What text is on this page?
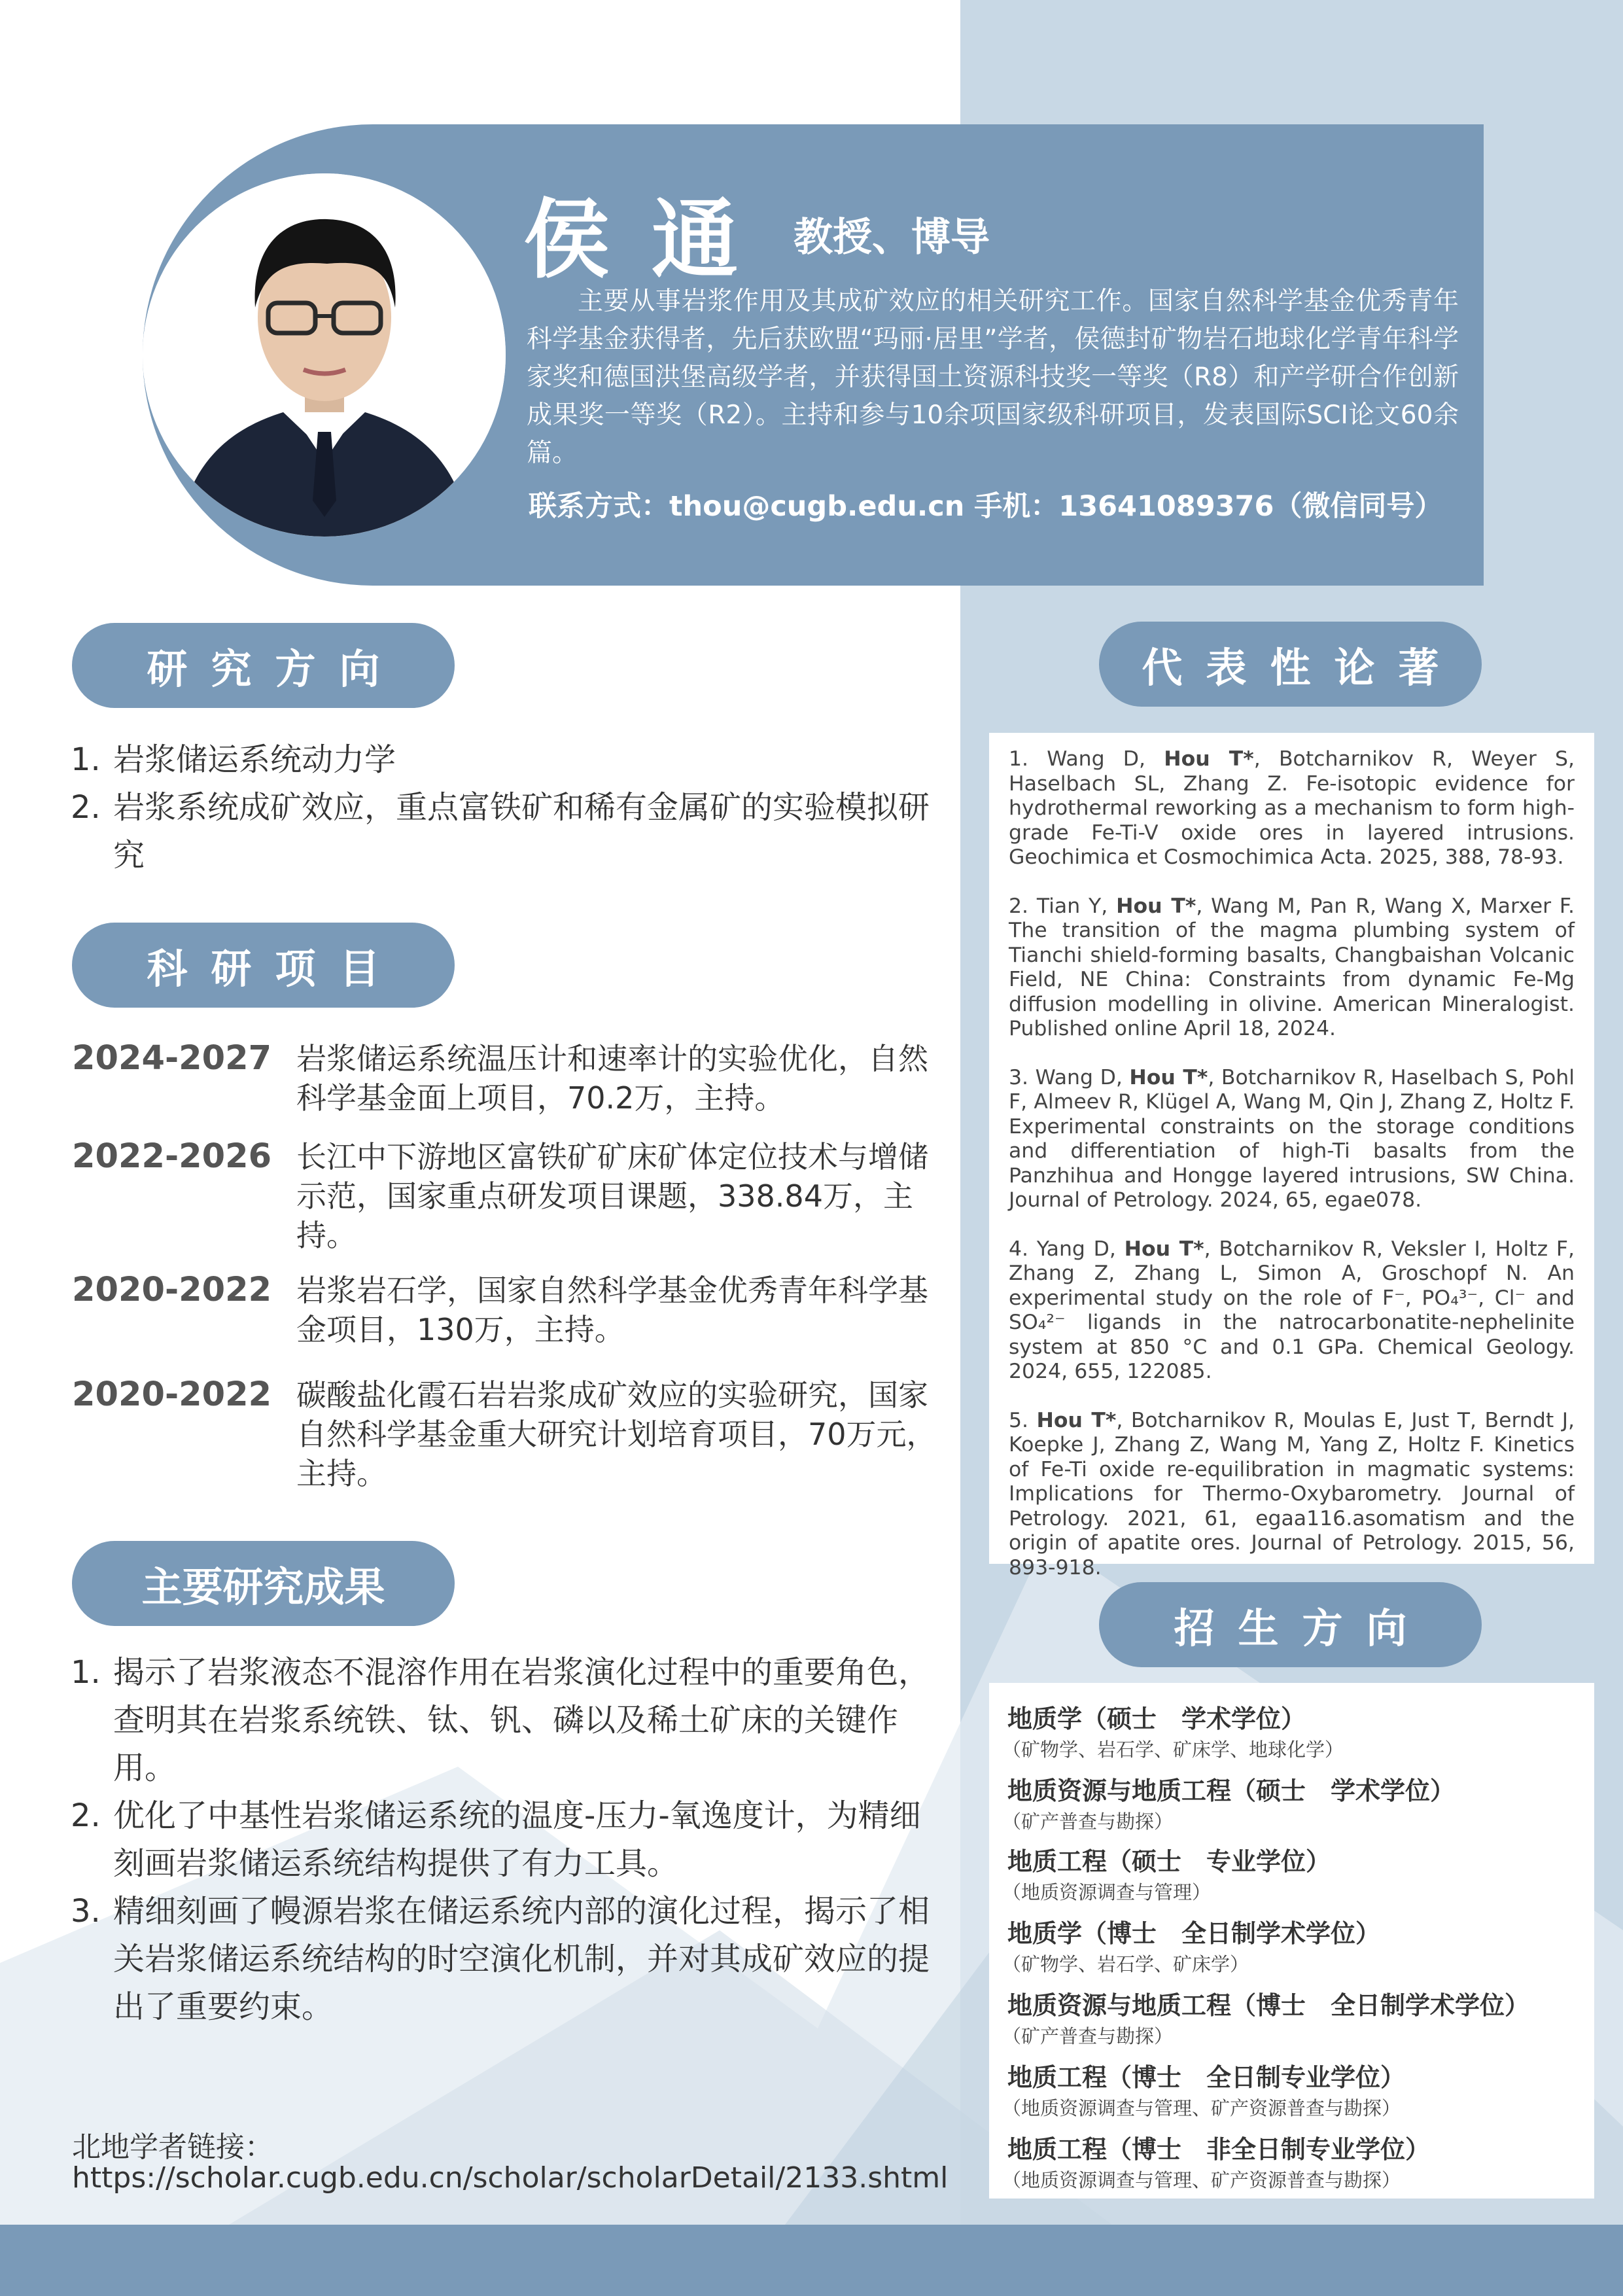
侯通 教授、博导

主要从事岩浆作用及其成矿效应的相关研究工作。国家自然科学基金优秀青年科学基金获得者，先后获欧盟“玛丽·居里”学者，侯德封矿物岩石地球化学青年科学家奖和德国洪堡高级学者，并获得国土资源科技奖一等奖（R8）和产学研合作创新成果奖一等奖（R2）。主持和参与10余项国家级科研项目，发表国际SCI论文60余篇。

联系方式：thou@cugb.edu.cn 手机：13641089376（微信同号）
研究方向
1. 岩浆储运系统动力学
2. 岩浆系统成矿效应，重点富铁矿和稀有金属矿的实验模拟研究
科研项目
2024-2027 岩浆储运系统温压计和速率计的实验优化，自然科学基金面上项目，70.2万，主持。
2022-2026 长江中下游地区富铁矿矿床矿体定位技术与增储示范，国家重点研发项目课题，338.84万，主持。
2020-2022 岩浆岩石学，国家自然科学基金优秀青年科学基金项目，130万，主持。
2020-2022 碳酸盐化霞石岩岩浆成矿效应的实验研究，国家自然科学基金重大研究计划培育项目，70万元，主持。
主要研究成果
1. 揭示了岩浆液态不混溶作用在岩浆演化过程中的重要角色，查明其在岩浆系统铁、钛、钒、磷以及稀土矿床的关键作用。
2. 优化了中基性岩浆储运系统的温度-压力-氧逸度计，为精细刻画岩浆储运系统结构提供了有力工具。
3. 精细刻画了幔源岩浆在储运系统内部的演化过程，揭示了相关岩浆储运系统结构的时空演化机制，并对其成矿效应的提出了重要约束。
代表性论著

1. Wang D, Hou T*, Botcharnikov R, Weyer S, Haselbach SL, Zhang Z. Fe-isotopic evidence for hydrothermal reworking as a mechanism to form high-grade Fe-Ti-V oxide ores in layered intrusions. Geochimica et Cosmochimica Acta. 2025, 388, 78-93.

2. Tian Y, Hou T*, Wang M, Pan R, Wang X, Marxer F. The transition of the magma plumbing system of Tianchi shield-forming basalts, Changbaishan Volcanic Field, NE China: Constraints from dynamic Fe-Mg diffusion modelling in olivine. American Mineralogist. Published online April 18, 2024.

3. Wang D, Hou T*, Botcharnikov R, Haselbach S, Pohl F, Almeev R, Klügel A, Wang M, Qin J, Zhang Z, Holtz F. Experimental constraints on the storage conditions and differentiation of high-Ti basalts from the Panzhihua and Hongge layered intrusions, SW China. Journal of Petrology. 2024, 65, egae078.

4. Yang D, Hou T*, Botcharnikov R, Veksler I, Holtz F, Zhang Z, Zhang L, Simon A, Groschopf N. An experimental study on the role of F⁻, PO₄³⁻, Cl⁻ and SO₄²⁻ ligands in the natrocarbonatite-nephelinite system at 850 °C and 0.1 GPa. Chemical Geology. 2024, 655, 122085.

5. Hou T*, Botcharnikov R, Moulas E, Just T, Berndt J, Koepke J, Zhang Z, Wang M, Yang Z, Holtz F. Kinetics of Fe-Ti oxide re-equilibration in magmatic systems: Implications for Thermo-Oxybarometry. Journal of Petrology. 2021, 61, egaa116.asomatism and the origin of apatite ores. Journal of Petrology. 2015, 56, 893-918.

招生方向
地质学（硕士　学术学位）
（矿物学、岩石学、矿床学、地球化学）
地质资源与地质工程（硕士　学术学位）
（矿产普查与勘探）
地质工程（硕士　专业学位）
（地质资源调查与管理）
地质学（博士　全日制学术学位）
（矿物学、岩石学、矿床学）
地质资源与地质工程（博士　全日制学术学位）
（矿产普查与勘探）
地质工程（博士　全日制专业学位）
（地质资源调查与管理、矿产资源普查与勘探）
地质工程（博士　非全日制专业学位）
（地质资源调查与管理、矿产资源普查与勘探）
北地学者链接：
https://scholar.cugb.edu.cn/scholar/scholarDetail/2133.shtml
